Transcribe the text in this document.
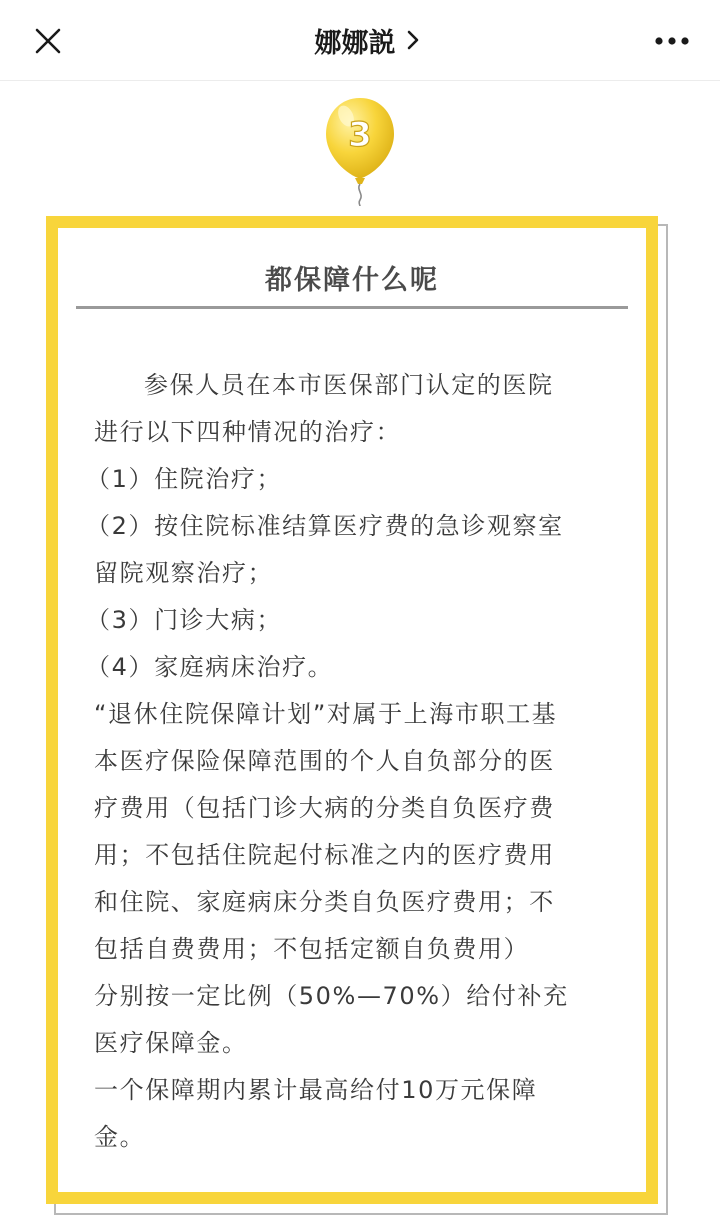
娜娜説
3
都保障什么呢
参保人员在本市医保部门认定的医院
进行以下四种情况的治疗：
（1）住院治疗；
（2）按住院标准结算医疗费的急诊观察室
留院观察治疗；
（3）门诊大病；
（4）家庭病床治疗。
“退休住院保障计划”对属于上海市职工基
本医疗保险保障范围的个人自负部分的医
疗费用（包括门诊大病的分类自负医疗费
用；不包括住院起付标准之内的医疗费用
和住院、家庭病床分类自负医疗费用；不
包括自费费用；不包括定额自负费用）
分别按一定比例（50%—70%）给付补充
医疗保障金。
一个保障期内累计最高给付10万元保障
金。
